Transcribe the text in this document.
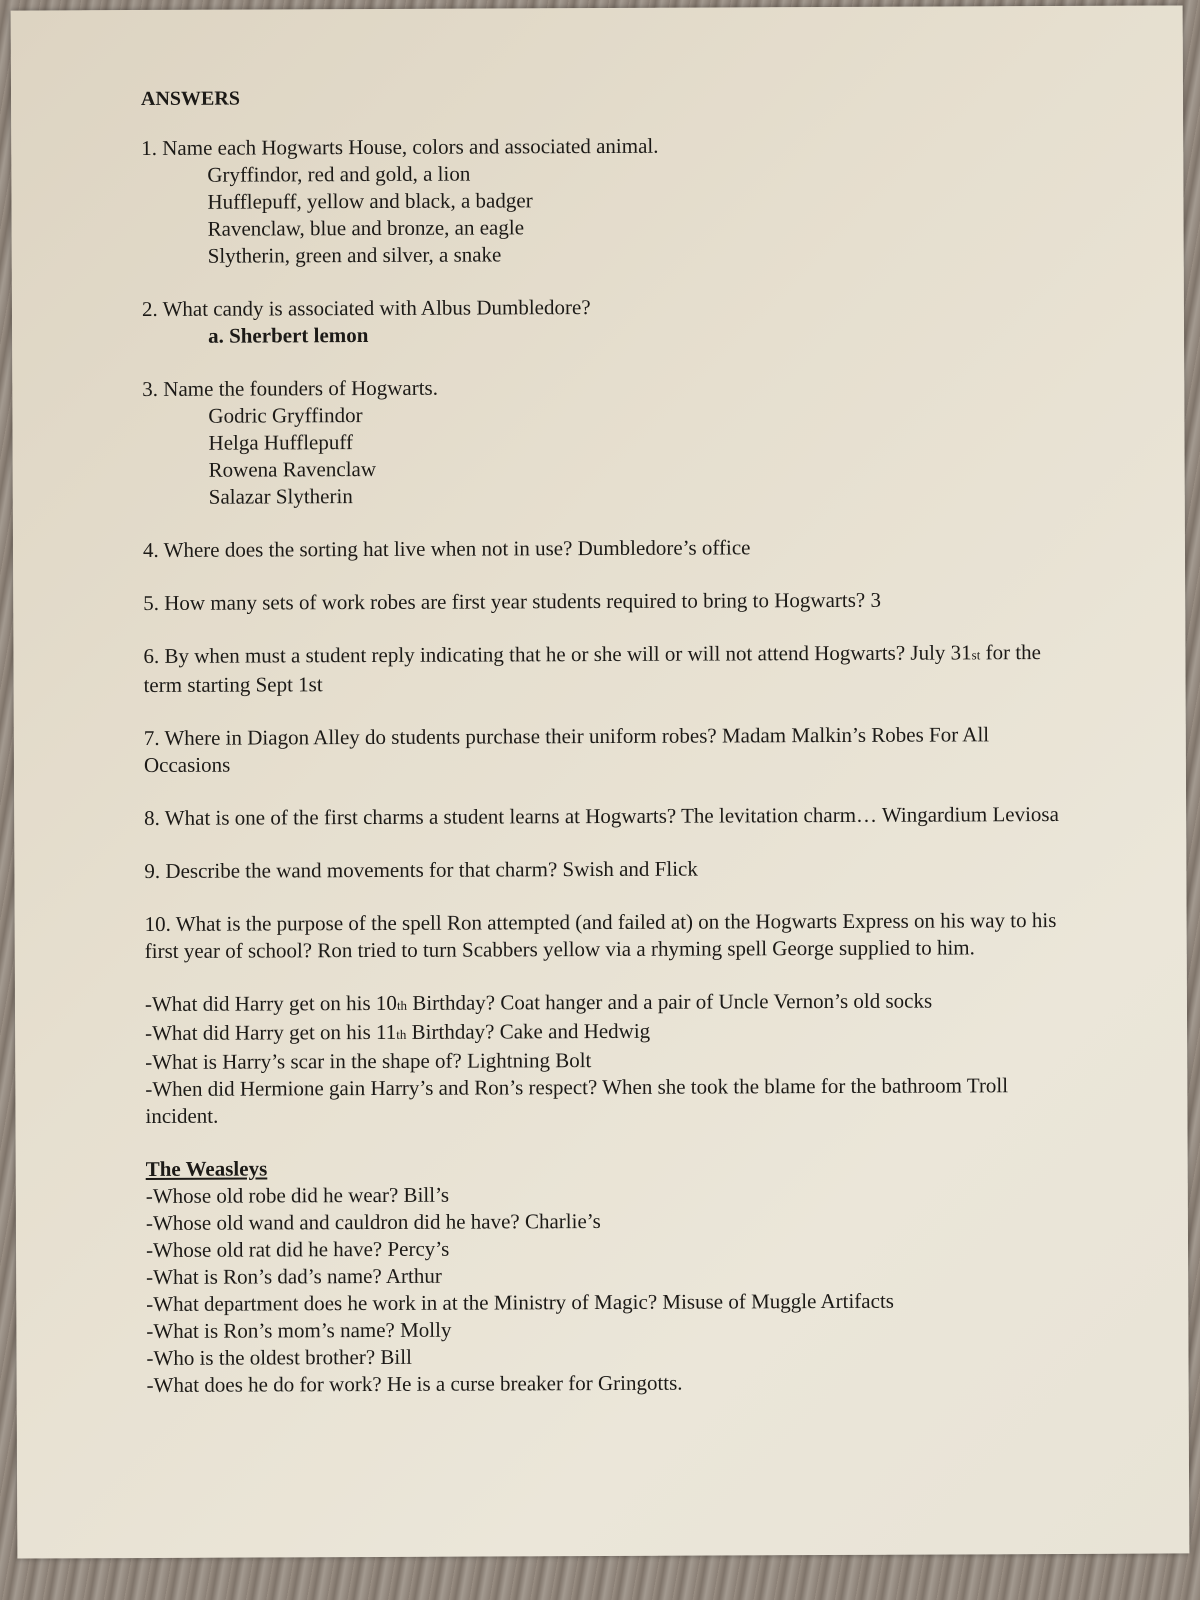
ANSWERS
1. Name each Hogwarts House, colors and associated animal.
Gryffindor, red and gold, a lion
Hufflepuff, yellow and black, a badger
Ravenclaw, blue and bronze, an eagle
Slytherin, green and silver, a snake
2. What candy is associated with Albus Dumbledore?
a. Sherbert lemon
3. Name the founders of Hogwarts.
Godric Gryffindor
Helga Hufflepuff
Rowena Ravenclaw
Salazar Slytherin
4. Where does the sorting hat live when not in use? Dumbledore’s office
5. How many sets of work robes are first year students required to bring to Hogwarts? 3
6. By when must a student reply indicating that he or she will or will not attend Hogwarts? July 31st for the term starting Sept 1st
7. Where in Diagon Alley do students purchase their uniform robes? Madam Malkin’s Robes For All Occasions
8. What is one of the first charms a student learns at Hogwarts? The levitation charm… Wingardium Leviosa
9. Describe the wand movements for that charm? Swish and Flick
10. What is the purpose of the spell Ron attempted (and failed at) on the Hogwarts Express on his way to his first year of school? Ron tried to turn Scabbers yellow via a rhyming spell George supplied to him.
-What did Harry get on his 10th Birthday? Coat hanger and a pair of Uncle Vernon’s old socks
-What did Harry get on his 11th Birthday? Cake and Hedwig
-What is Harry’s scar in the shape of? Lightning Bolt
-When did Hermione gain Harry’s and Ron’s respect? When she took the blame for the bathroom Troll incident.
The Weasleys
-Whose old robe did he wear? Bill’s
-Whose old wand and cauldron did he have? Charlie’s
-Whose old rat did he have? Percy’s
-What is Ron’s dad’s name? Arthur
-What department does he work in at the Ministry of Magic? Misuse of Muggle Artifacts
-What is Ron’s mom’s name? Molly
-Who is the oldest brother? Bill
-What does he do for work? He is a curse breaker for Gringotts.
